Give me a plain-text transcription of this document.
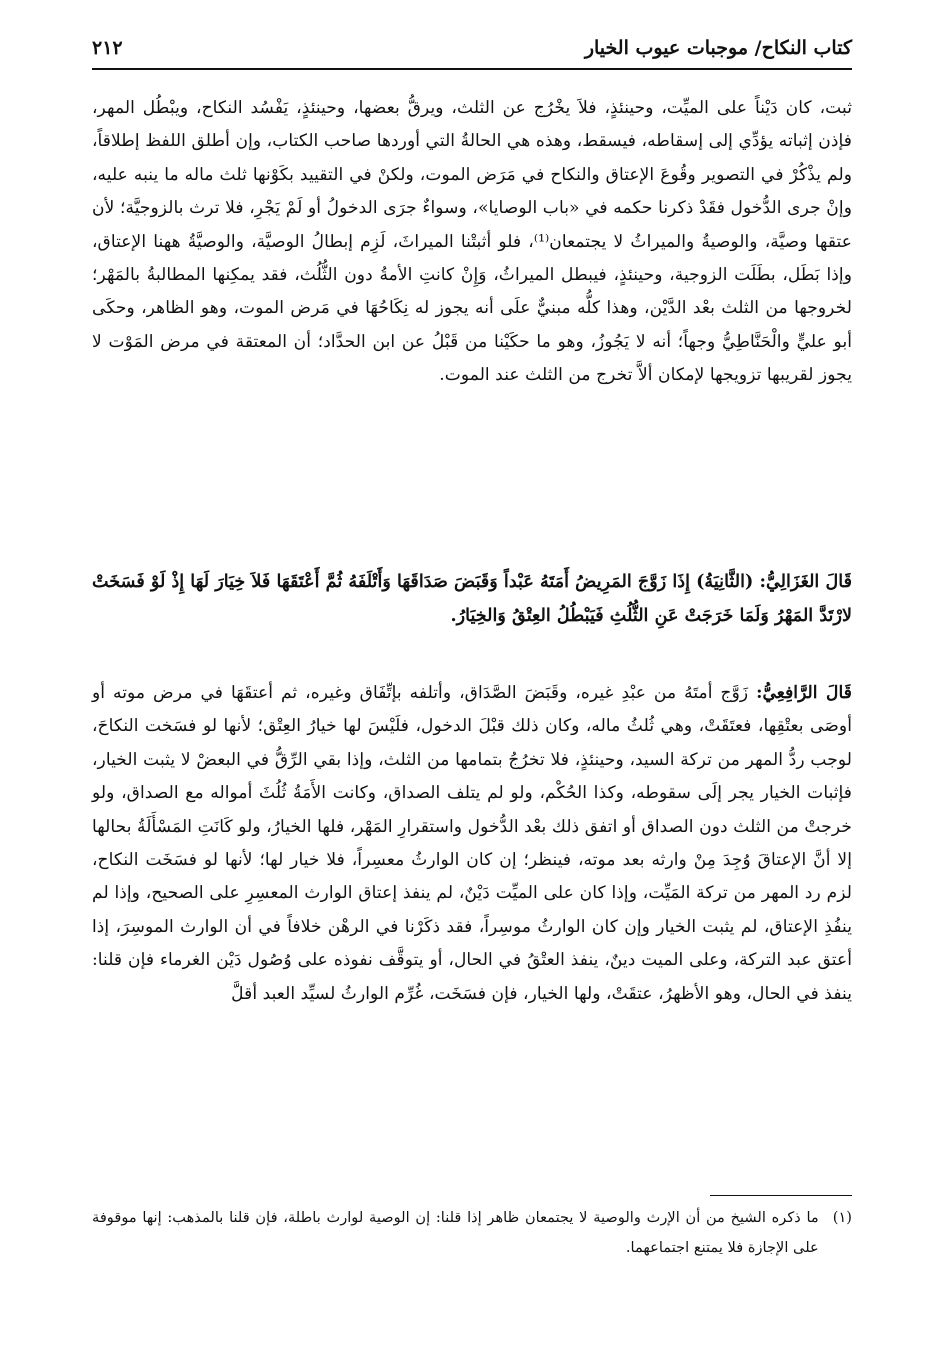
كتاب النكاح/ موجبات عيوب الخيار
٢١٢

ثبت، كان دَيْناً على الميِّت، وحينئذٍ، فلاَ يخْرُج عن الثلث، ويرقُّ بعضها، وحينئذٍ، يَفْسُد النكاح، ويبْطُل المهر، فإذن إثباته يؤدِّي إلى إسقاطه، فيسقط، وهذه هي الحالةُ التي أوردها صاحب الكتاب، وإن أطلق اللفظ إطلاقاً، ولم يذْكُرْ في التصوير وقُوعَ الإعتاق والنكاح في مَرَض الموت، ولكنْ في التقييد بكَوْنها ثلث ماله ما ينبه عليه، وإنْ جرى الدُّخول فقَدْ ذكرنا حكمه في «باب الوصايا»، وسواءٌ جرَى الدخولُ أو لَمْ يَجْرِ، فلا ترث بالزوجيَّة؛ لأن عتقها وصيَّة، والوصيةُ والميراثُ لا يجتمعان⁽¹⁾، فلو أثبتْنا الميراثَ، لَزِم إبطالُ الوصيَّة، والوصيَّةُ ههنا الإعتاق، وإذا بَطَل، بطَلَت الزوجية، وحينئذٍ، فيبطل الميراثُ، وَإِنْ كانتِ الأمةُ دون الثُّلُث، فقد يمكِنها المطالبةُ بالمَهْر؛ لخروجها من الثلث بعْد الدَّيْن، وهذا كلُّه مبنيٌّ علَى أنه يجوز له نِكَاحُهَا في مَرض الموت، وهو الظاهر، وحكَى أبو عليٍّ والْحَنَّاطِيُّ وجهاً؛ أنه لا يَجُوزُ، وهو ما حكَيْنا من قَبْلُ عن ابن الحدَّاد؛ أن المعتقة في مرض المَوْت لا يجوز لقريبها تزويجها لإمكان ألاَّ تخرج من الثلث عند الموت.

قَالَ الغَزَالِيُّ: (الثَّانِيَةُ) إِذَا زَوَّجَ المَرِيضُ أَمَتَهُ عَبْداً وَقَبَضَ صَدَاقَهَا وَأَتْلَفَهُ ثُمَّ أَعْتَقَهَا فَلاَ خِيَارَ لَهَا إِذْ لَوْ فَسَخَتْ لارْتَدَّ المَهْرُ وَلَمَا خَرَجَتْ عَنِ الثُّلُثِ فَيَبْطُلُ العِتْقُ وَالخِيَارُ.

قَالَ الرَّافِعِيُّ: زَوَّج أمتَهُ من عبْدِ غيره، وقَبَضَ الصَّدَاق، وأتلفه بإتِّفَاق وغيره، ثم أعتقَهَا في مرض موته أو أوصَى بعتْقِها، فعتَقَتْ، وهي ثُلثُ ماله، وكان ذلك قبْلَ الدخول، فلَيْسَ لها خيارُ العِتْق؛ لأنها لو فسَخت النكاحَ، لوجب ردُّ المهر من تركة السيد، وحينئذٍ، فلا تخرُجُ بتمامها من الثلث، وإذا بقي الرِّقُّ في البعضْ لا يثبت الخيار، فإثبات الخيار يجر إلَى سقوطه، وكذا الحُكْم، ولو لم يتلف الصداق، وكانت الأَمَةُ ثُلُثَ أمواله مع الصداق، ولو خرجتْ من الثلث دون الصداق أو اتفق ذلك بعْد الدُّخول واستقرارِ المَهْر، فلها الخيارُ، ولو كَانَتِ المَسْأَلَةُ بحالها إلا أنَّ الإعتاقَ وُجِدَ مِنْ وارثه بعد موته، فينظر؛ إن كان الوارثُ معسِراً، فلا خيار لها؛ لأنها لو فسَخَت النكاح، لزم رد المهر من تركة المَيِّت، وإذا كان على الميِّت دَيْنٌ، لم ينفذ إعتاق الوارث المعسِرِ على الصحيح، وإذا لم ينفُذِ الإعتاق، لم يثبت الخيار وإن كان الوارثُ موسِراً، فقد ذكَرْنا في الرهْن خلافاً في أن الوارث الموسِرَ، إذا أعتق عبد التركة، وعلى الميت دينٌ، ينفذ العتْقُ في الحال، أو يتوقَّف نفوذه على وُصُول دَيْن الغرماء فإن قلنا: ينفذ في الحال، وهو الأظهرُ، عتقَتْ، ولها الخيار، فإن فسَخَت، غُرِّم الوارثُ لسيِّد العبد أقلَّ

(١)
ما ذكره الشيخ من أن الإرث والوصية لا يجتمعان ظاهر إذا قلنا: إن الوصية لوارث باطلة، فإن قلنا بالمذهب: إنها موقوفة على الإجازة فلا يمتنع اجتماعهما.
